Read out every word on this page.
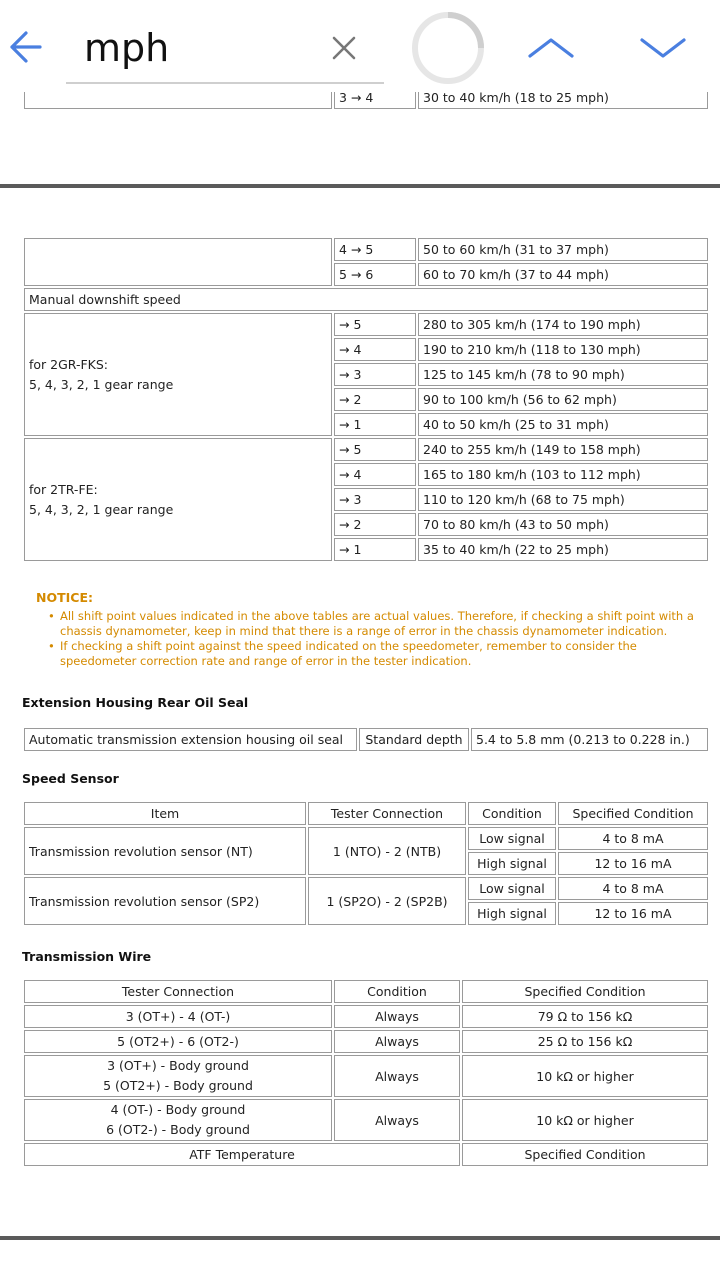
mph
	3 → 4	30 to 40 km/h (18 to 25 mph)
	4 → 5	50 to 60 km/h (31 to 37 mph)
	5 → 6	60 to 70 km/h (37 to 44 mph)
Manual downshift speed		

for 2GR-FKS:
5, 4, 3, 2, 1 gear range	→ 5	280 to 305 km/h (174 to 190 mph)
	→ 4	190 to 210 km/h (118 to 130 mph)
	→ 3	125 to 145 km/h (78 to 90 mph)
	→ 2	90 to 100 km/h (56 to 62 mph)
	→ 1	40 to 50 km/h (25 to 31 mph)

for 2TR-FE:
5, 4, 3, 2, 1 gear range	→ 5	240 to 255 km/h (149 to 158 mph)
	→ 4	165 to 180 km/h (103 to 112 mph)
	→ 3	110 to 120 km/h (68 to 75 mph)
	→ 2	70 to 80 km/h (43 to 50 mph)
	→ 1	35 to 40 km/h (22 to 25 mph)
NOTICE:
• All shift point values indicated in the above tables are actual values. Therefore, if checking a shift point with a chassis dynamometer, keep in mind that there is a range of error in the chassis dynamometer indication.
• If checking a shift point against the speed indicated on the speedometer, remember to consider the speedometer correction rate and range of error in the tester indication.
Extension Housing Rear Oil Seal
Automatic transmission extension housing oil seal	Standard depth	5.4 to 5.8 mm (0.213 to 0.228 in.)
Speed Sensor
Item	Tester Connection	Condition	Specified Condition
Transmission revolution sensor (NT)	1 (NTO) - 2 (NTB)	Low signal	4 to 8 mA
		High signal	12 to 16 mA
Transmission revolution sensor (SP2)	1 (SP2O) - 2 (SP2B)	Low signal	4 to 8 mA
		High signal	12 to 16 mA
Transmission Wire
Tester Connection	Condition	Specified Condition
3 (OT+) - 4 (OT-)	Always	79 Ω to 156 kΩ
5 (OT2+) - 6 (OT2-)	Always	25 Ω to 156 kΩ

3 (OT+) - Body ground
5 (OT2+) - Body ground	Always	10 kΩ or higher

4 (OT-) - Body ground
6 (OT2-) - Body ground	Always	10 kΩ or higher
ATF Temperature		Specified Condition
